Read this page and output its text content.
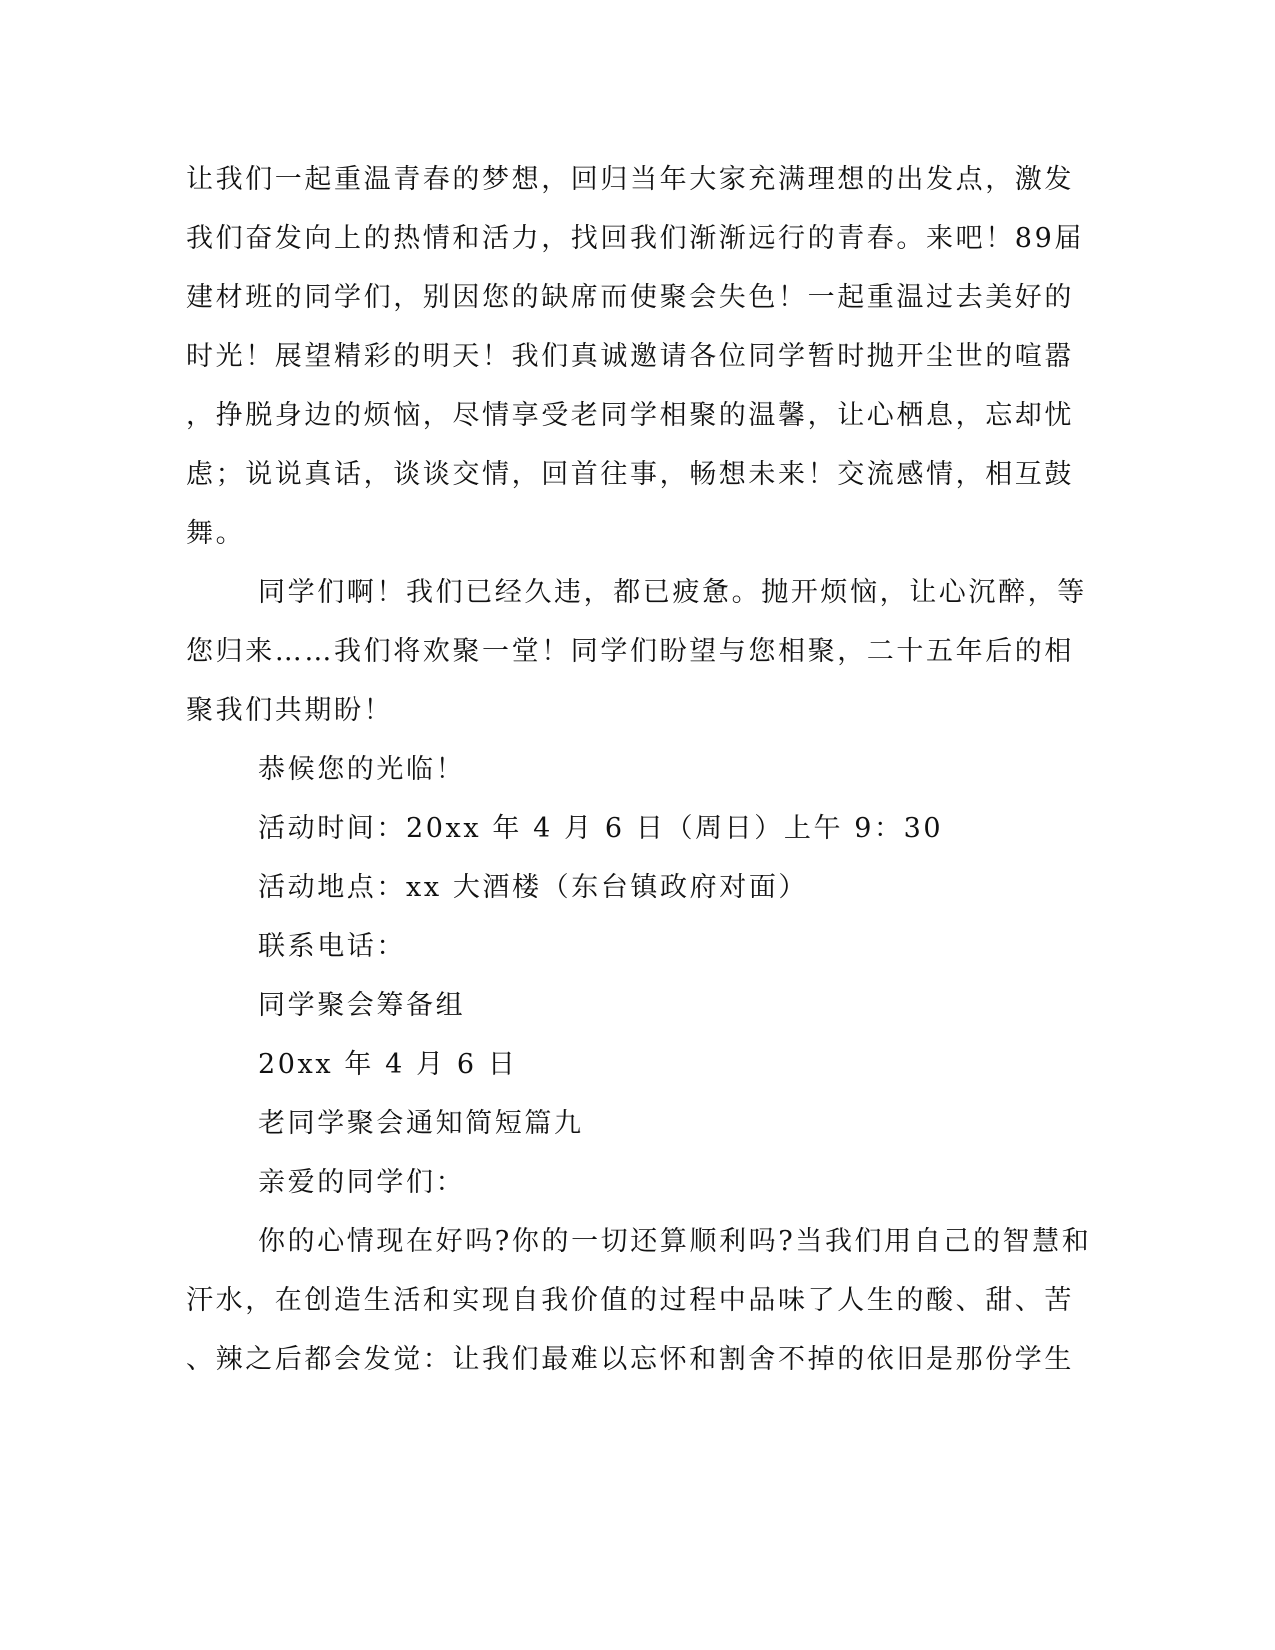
让我们一起重温青春的梦想，回归当年大家充满理想的出发点，激发
我们奋发向上的热情和活力，找回我们渐渐远行的青春。来吧！89届
建材班的同学们，别因您的缺席而使聚会失色！一起重温过去美好的
时光！展望精彩的明天！我们真诚邀请各位同学暂时抛开尘世的喧嚣
，挣脱身边的烦恼，尽情享受老同学相聚的温馨，让心栖息，忘却忧
虑；说说真话，谈谈交情，回首往事，畅想未来！交流感情，相互鼓
舞。
同学们啊！我们已经久违，都已疲惫。抛开烦恼，让心沉醉，等
您归来……我们将欢聚一堂！同学们盼望与您相聚，二十五年后的相
聚我们共期盼！
恭候您的光临！
活动时间：20xx 年 4 月 6 日（周日）上午 9：30
活动地点：xx 大酒楼（东台镇政府对面）
联系电话：
同学聚会筹备组
20xx 年 4 月 6 日
老同学聚会通知简短篇九
亲爱的同学们：
你的心情现在好吗?你的一切还算顺利吗?当我们用自己的智慧和
汗水，在创造生活和实现自我价值的过程中品味了人生的酸、甜、苦
、辣之后都会发觉：让我们最难以忘怀和割舍不掉的依旧是那份学生
